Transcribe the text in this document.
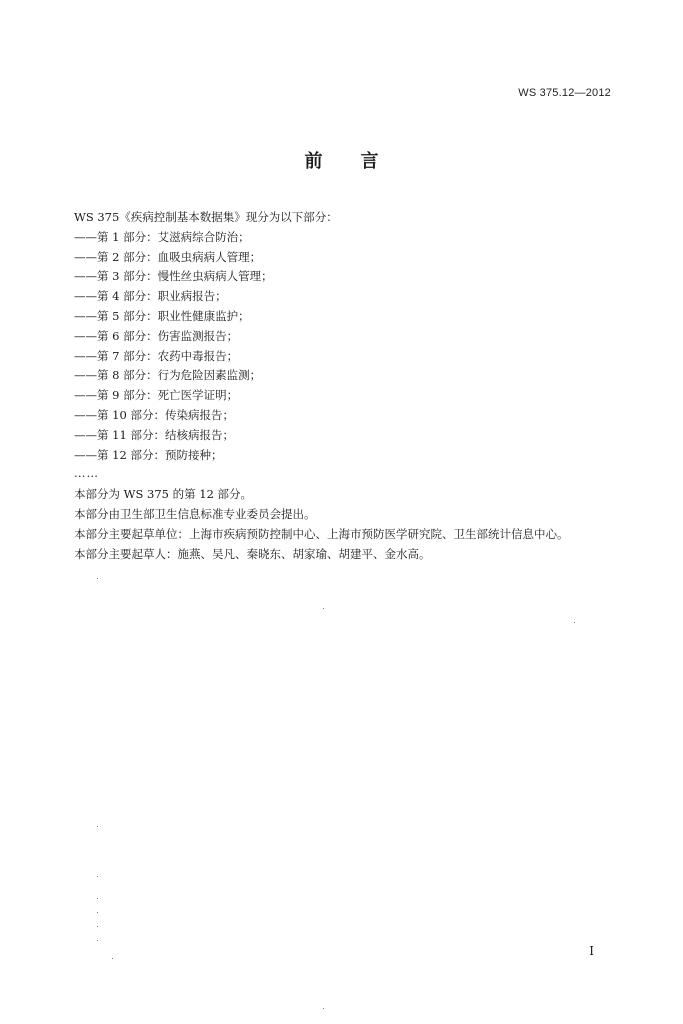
WS 375.12—2012
前言
WS 375《疾病控制基本数据集》现分为以下部分：
——第 1 部分：艾滋病综合防治；
——第 2 部分：血吸虫病病人管理；
——第 3 部分：慢性丝虫病病人管理；
——第 4 部分：职业病报告；
——第 5 部分：职业性健康监护；
——第 6 部分：伤害监测报告；
——第 7 部分：农药中毒报告；
——第 8 部分：行为危险因素监测；
——第 9 部分：死亡医学证明；
——第 10 部分：传染病报告；
——第 11 部分：结核病报告；
——第 12 部分：预防接种；
……
本部分为 WS 375 的第 12 部分。
本部分由卫生部卫生信息标准专业委员会提出。
本部分主要起草单位：上海市疾病预防控制中心、上海市预防医学研究院、卫生部统计信息中心。
本部分主要起草人：施燕、吴凡、秦晓东、胡家瑜、胡建平、金水高。
I
